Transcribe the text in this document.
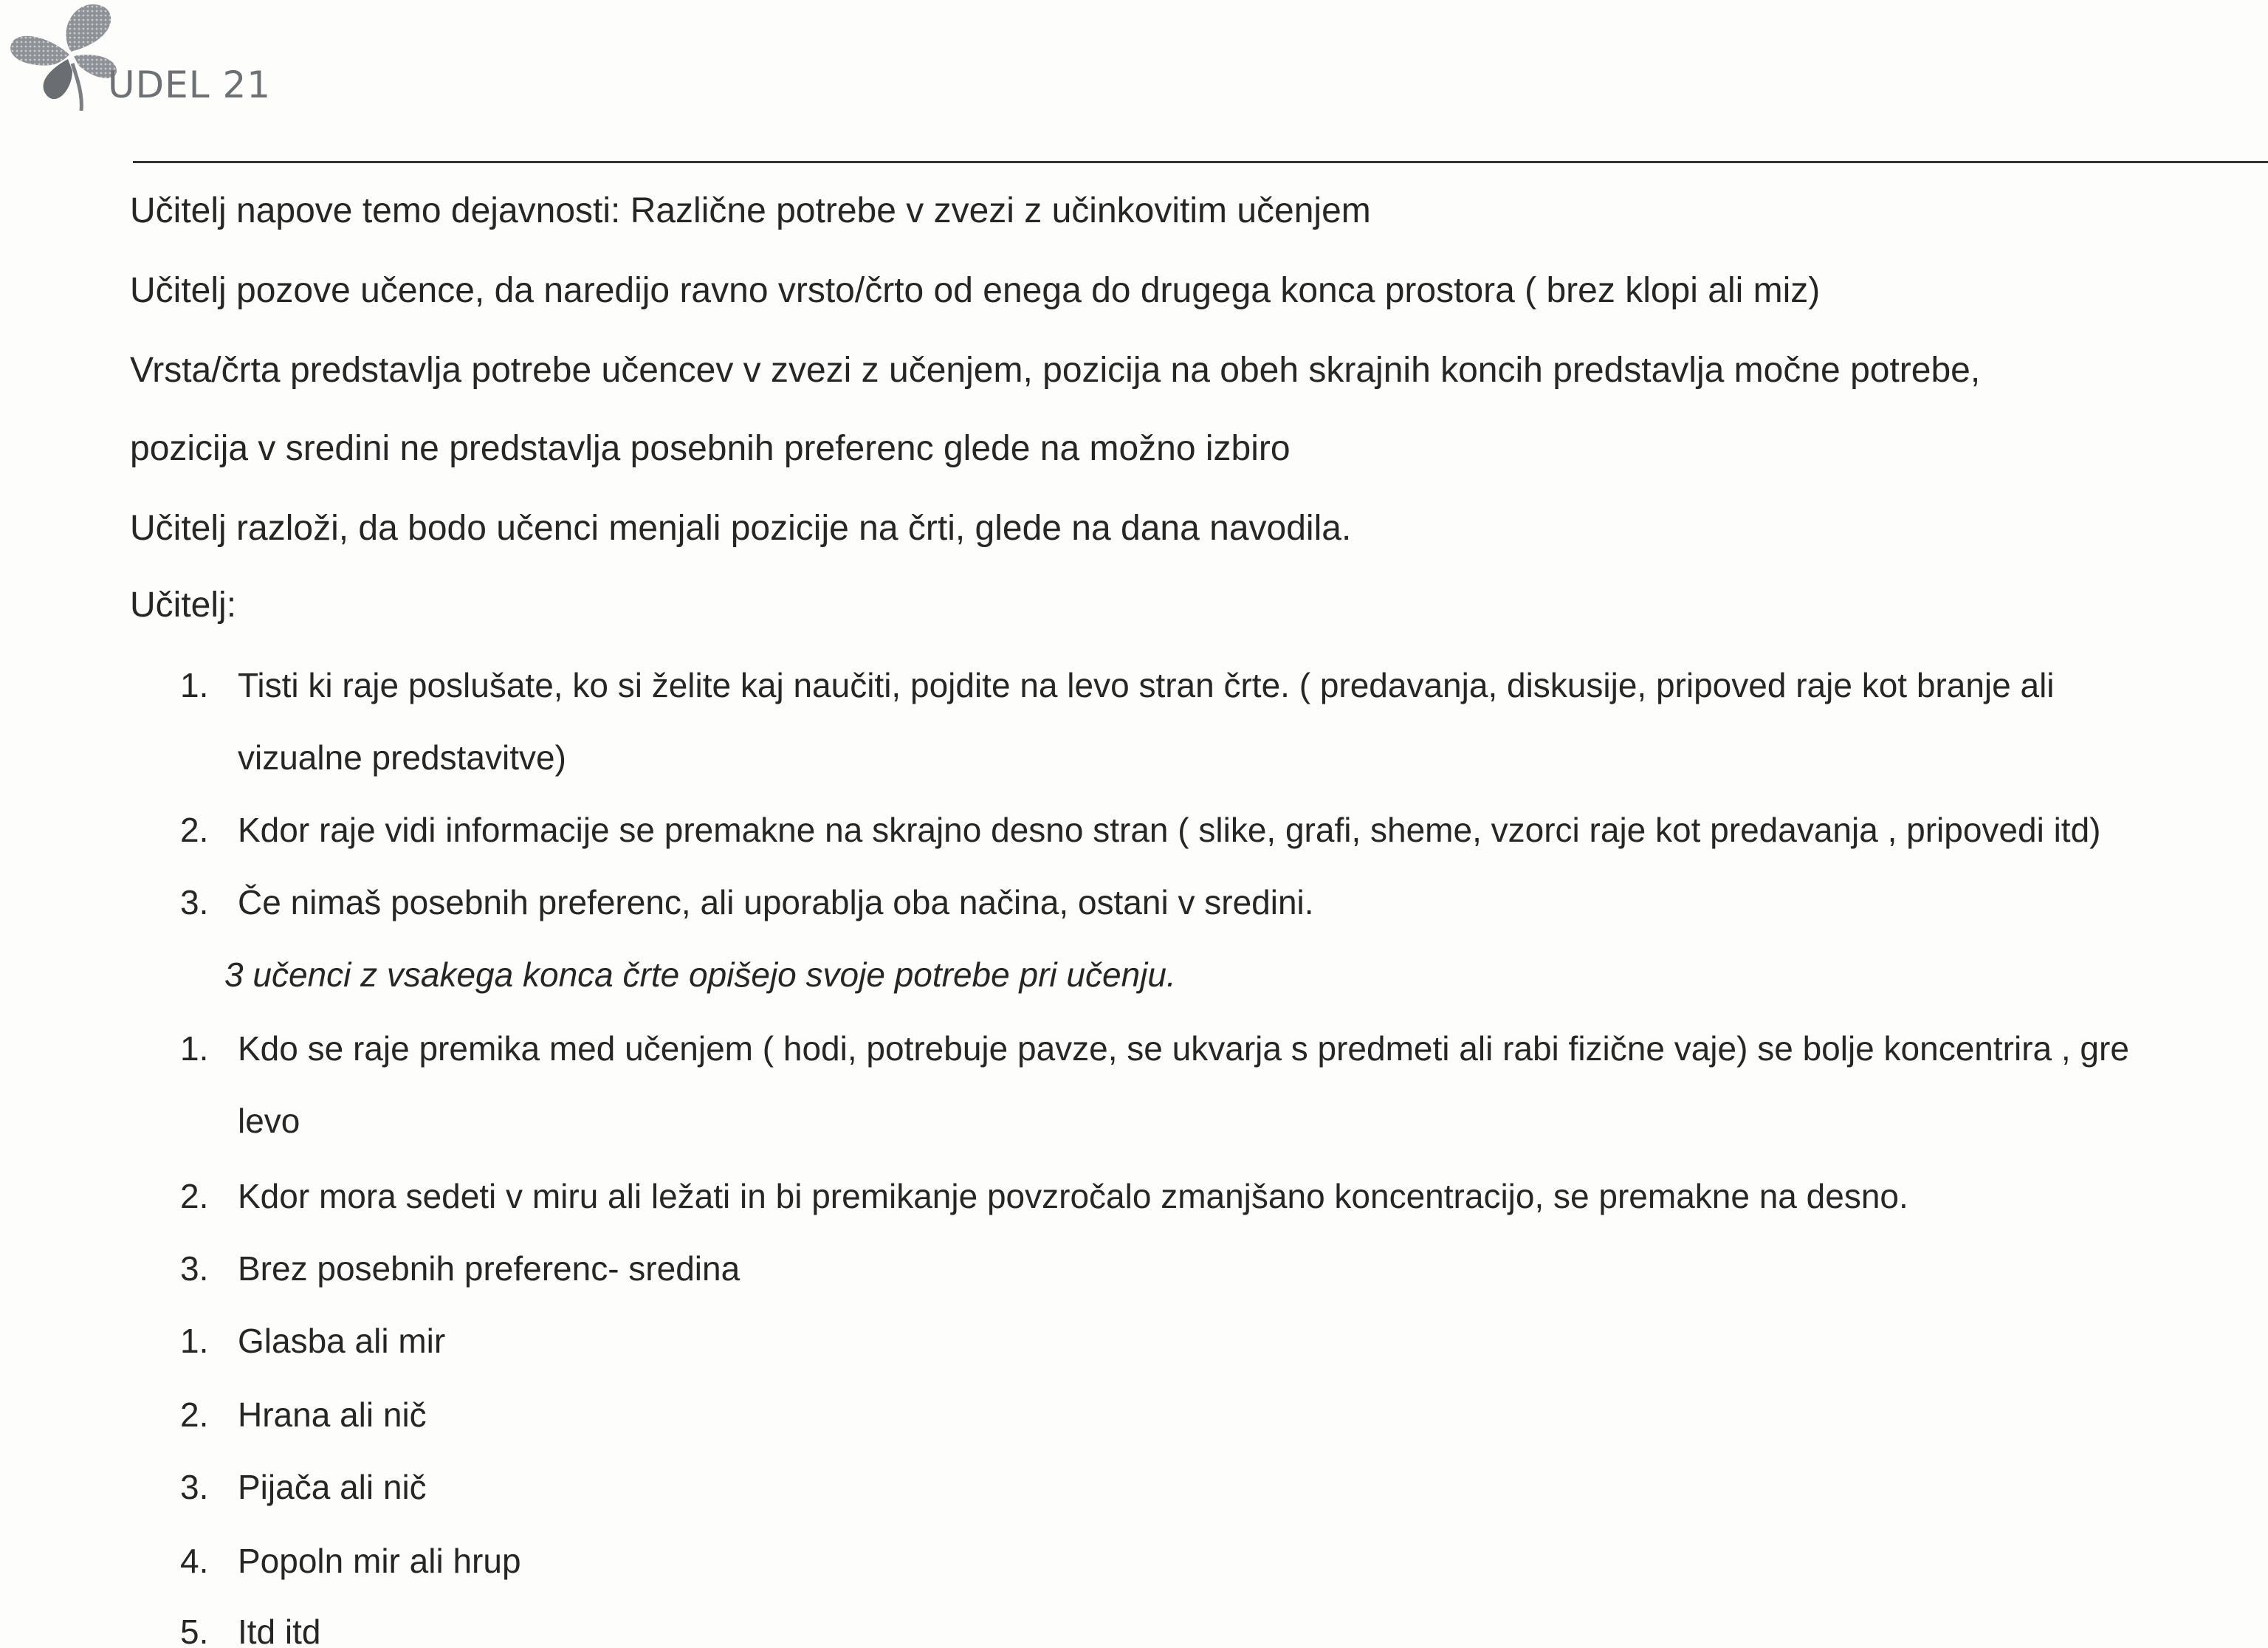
UDEL 21
Učitelj napove temo dejavnosti: Različne potrebe v zvezi z učinkovitim učenjem
Učitelj pozove učence, da naredijo ravno vrsto/črto od enega do drugega konca prostora ( brez klopi ali miz)
Vrsta/črta predstavlja potrebe učencev v zvezi z učenjem, pozicija na obeh skrajnih koncih predstavlja močne potrebe,
pozicija v sredini ne predstavlja posebnih preferenc glede na možno izbiro
Učitelj razloži, da bodo učenci menjali pozicije na črti, glede na dana navodila.
Učitelj:
1. Tisti ki raje poslušate, ko si želite kaj naučiti, pojdite na levo stran črte. ( predavanja, diskusije, pripoved raje kot branje ali
vizualne predstavitve)
2. Kdor raje vidi informacije se premakne na skrajno desno stran ( slike, grafi, sheme, vzorci raje kot predavanja , pripovedi itd)
3. Če nimaš posebnih preferenc, ali uporablja oba načina, ostani v sredini.
3 učenci z vsakega konca črte opišejo svoje potrebe pri učenju.
1. Kdo se raje premika med učenjem ( hodi, potrebuje pavze, se ukvarja s predmeti ali rabi fizične vaje) se bolje koncentrira , gre
levo
2. Kdor mora sedeti v miru ali ležati in bi premikanje povzročalo zmanjšano koncentracijo, se premakne na desno.
3. Brez posebnih preferenc- sredina
1. Glasba ali mir
2. Hrana ali nič
3. Pijača ali nič
4. Popoln mir ali hrup
5. Itd itd
